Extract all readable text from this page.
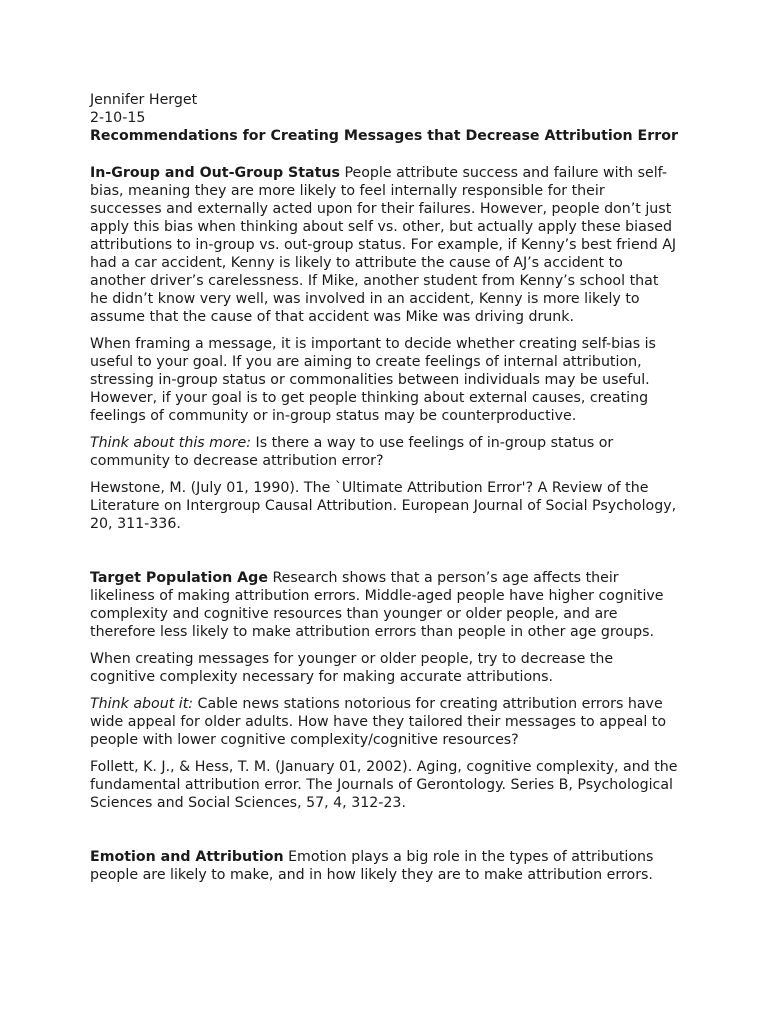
Jennifer Herget
2-10-15
Recommendations for Creating Messages that Decrease Attribution Error
In-Group and Out-Group Status People attribute success and failure with self-bias, meaning they are more likely to feel internally responsible for their successes and externally acted upon for their failures. However, people don’t just apply this bias when thinking about self vs. other, but actually apply these biased attributions to in-group vs. out-group status. For example, if Kenny’s best friend AJ had a car accident, Kenny is likely to attribute the cause of AJ’s accident to another driver’s carelessness. If Mike, another student from Kenny’s school that he didn’t know very well, was involved in an accident, Kenny is more likely to assume that the cause of that accident was Mike was driving drunk.
When framing a message, it is important to decide whether creating self-bias is useful to your goal. If you are aiming to create feelings of internal attribution, stressing in-group status or commonalities between individuals may be useful. However, if your goal is to get people thinking about external causes, creating feelings of community or in-group status may be counterproductive.
Think about this more: Is there a way to use feelings of in-group status or community to decrease attribution error?
Hewstone, M. (July 01, 1990). The `Ultimate Attribution Error'? A Review of the Literature on Intergroup Causal Attribution. European Journal of Social Psychology, 20, 311-336.
Target Population Age Research shows that a person’s age affects their likeliness of making attribution errors. Middle-aged people have higher cognitive complexity and cognitive resources than younger or older people, and are therefore less likely to make attribution errors than people in other age groups.
When creating messages for younger or older people, try to decrease the cognitive complexity necessary for making accurate attributions.
Think about it: Cable news stations notorious for creating attribution errors have wide appeal for older adults. How have they tailored their messages to appeal to people with lower cognitive complexity/cognitive resources?
Follett, K. J., & Hess, T. M. (January 01, 2002). Aging, cognitive complexity, and the fundamental attribution error. The Journals of Gerontology. Series B, Psychological Sciences and Social Sciences, 57, 4, 312-23.
Emotion and Attribution Emotion plays a big role in the types of attributions people are likely to make, and in how likely they are to make attribution errors.
